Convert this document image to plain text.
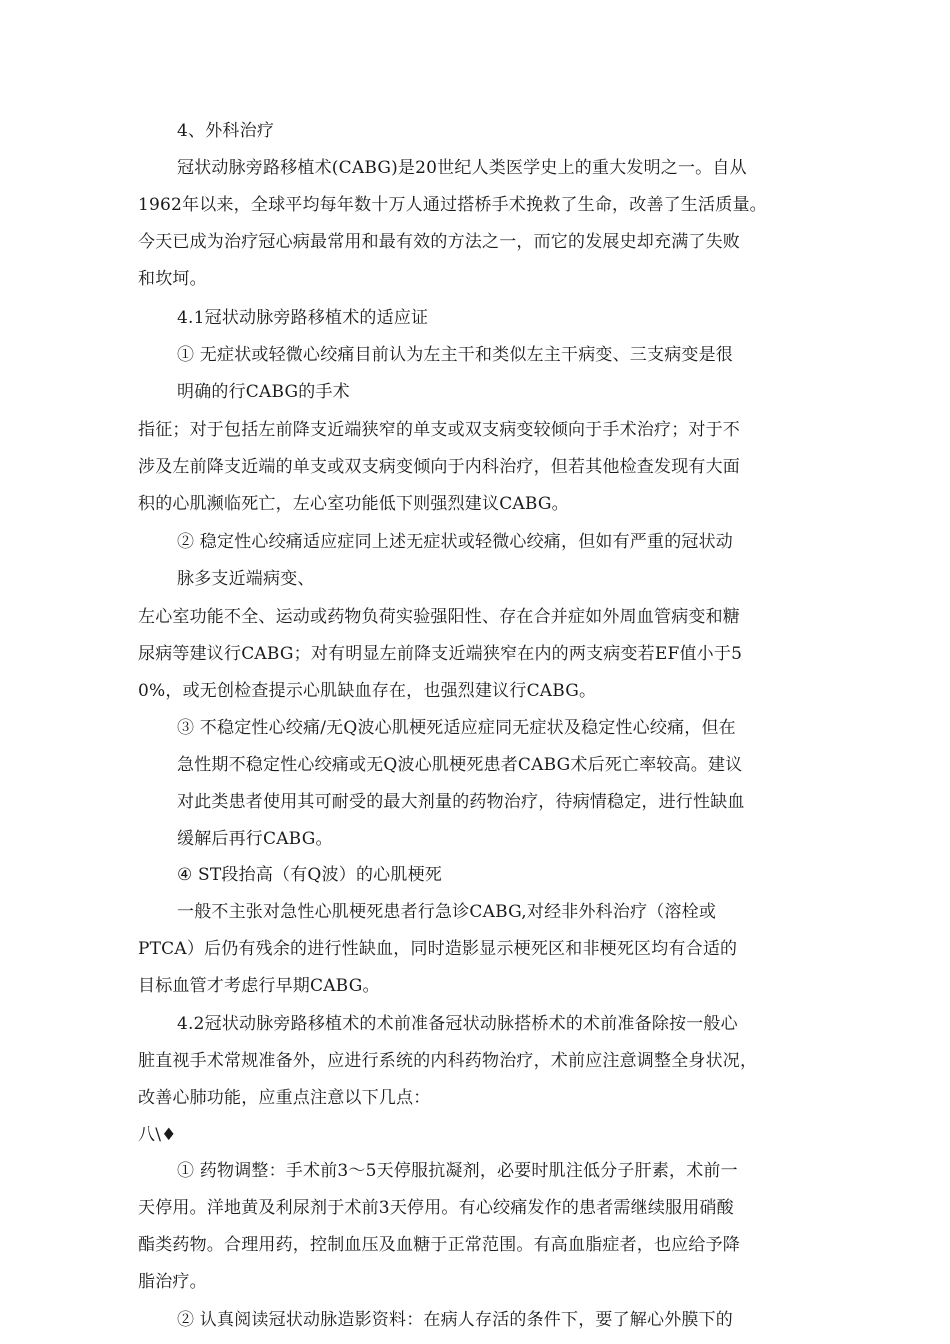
4、外科治疗
冠状动脉旁路移植术(CABG)是20世纪人类医学史上的重大发明之一。自从
1962年以来，全球平均每年数十万人通过搭桥手术挽救了生命，改善了生活质量。
今天已成为治疗冠心病最常用和最有效的方法之一，而它的发展史却充满了失败
和坎坷。
4.1冠状动脉旁路移植术的适应证
① 无症状或轻微心绞痛目前认为左主干和类似左主干病变、三支病变是很
明确的行CABG的手术
指征；对于包括左前降支近端狭窄的单支或双支病变较倾向于手术治疗；对于不
涉及左前降支近端的单支或双支病变倾向于内科治疗，但若其他检查发现有大面
积的心肌濒临死亡，左心室功能低下则强烈建议CABG。
② 稳定性心绞痛适应症同上述无症状或轻微心绞痛，但如有严重的冠状动
脉多支近端病变、
左心室功能不全、运动或药物负荷实验强阳性、存在合并症如外周血管病变和糖
尿病等建议行CABG；对有明显左前降支近端狭窄在内的两支病变若EF值小于5
0%，或无创检查提示心肌缺血存在，也强烈建议行CABG。
③ 不稳定性心绞痛/无Q波心肌梗死适应症同无症状及稳定性心绞痛，但在
急性期不稳定性心绞痛或无Q波心肌梗死患者CABG术后死亡率较高。建议
对此类患者使用其可耐受的最大剂量的药物治疗，待病情稳定，进行性缺血
缓解后再行CABG。
④ ST段抬高（有Q波）的心肌梗死
一般不主张对急性心肌梗死患者行急诊CABG,对经非外科治疗（溶栓或
PTCA）后仍有残余的进行性缺血，同时造影显示梗死区和非梗死区均有合适的
目标血管才考虑行早期CABG。
4.2冠状动脉旁路移植术的术前准备冠状动脉搭桥术的术前准备除按一般心
脏直视手术常规准备外，应进行系统的内科药物治疗，术前应注意调整全身状况，
改善心肺功能，应重点注意以下几点：
八\♦
① 药物调整：手术前3〜5天停服抗凝剂，必要时肌注低分子肝素，术前一
天停用。洋地黄及利尿剂于术前3天停用。有心绞痛发作的患者需继续服用硝酸
酯类药物。合理用药，控制血压及血糖于正常范围。有高血脂症者，也应给予降
脂治疗。
② 认真阅读冠状动脉造影资料：在病人存活的条件下，要了解心外膜下的
